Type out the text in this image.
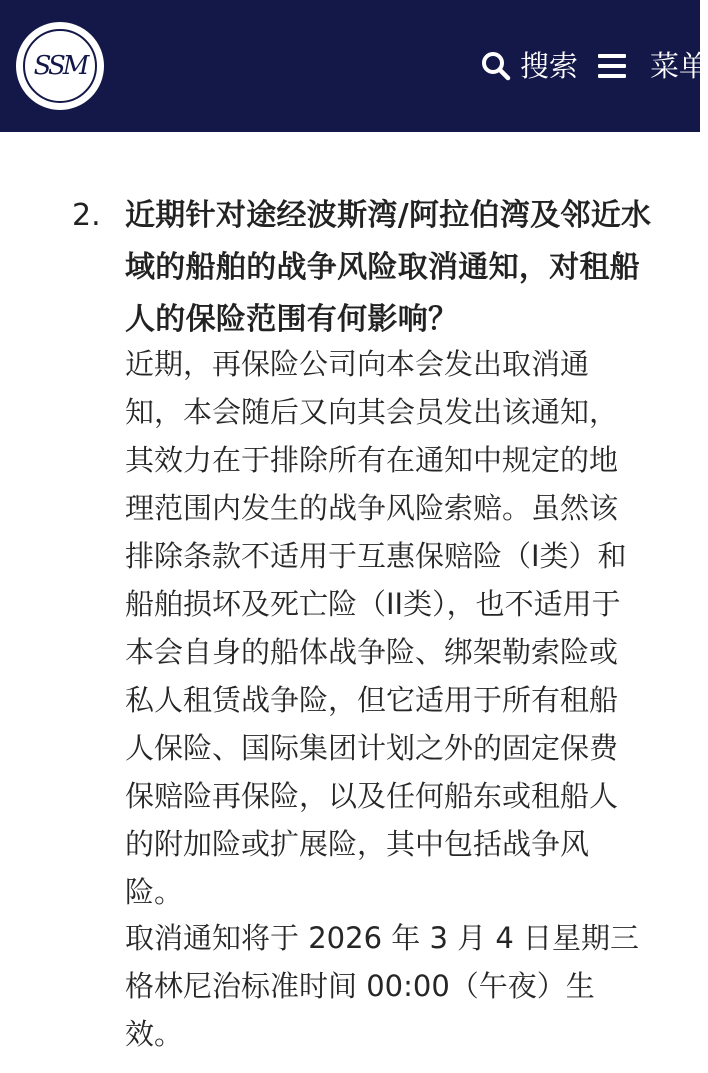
SSM	搜索 菜单
2. 近期针对途经波斯湾/阿拉伯湾及邻近水
域的船舶的战争风险取消通知，对租船
人的保险范围有何影响？
近期，再保险公司向本会发出取消通
知，本会随后又向其会员发出该通知，
其效力在于排除所有在通知中规定的地
理范围内发生的战争风险索赔。虽然该
排除条款不适用于互惠保赔险（I类）和
船舶损坏及死亡险（II类），也不适用于
本会自身的船体战争险、绑架勒索险或
私人租赁战争险，但它适用于所有租船
人保险、国际集团计划之外的固定保费
保赔险再保险，以及任何船东或租船人
的附加险或扩展险，其中包括战争风
险。
取消通知将于 2026 年 3 月 4 日星期三
格林尼治标准时间 00:00（午夜）生
效。
